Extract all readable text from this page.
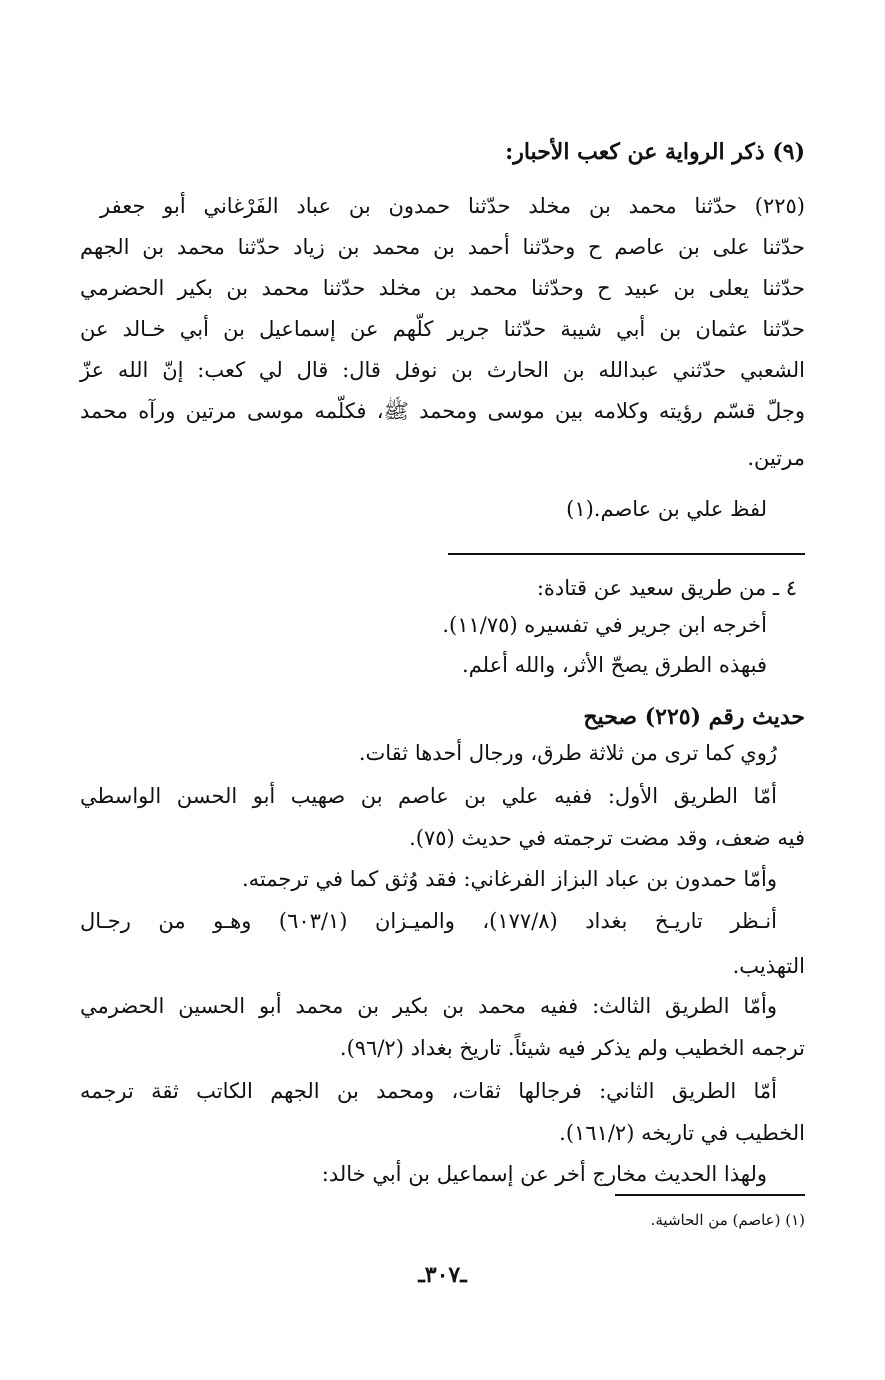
(٩) ذكر الرواية عن كعب الأحبار:
(٢٢٥) حدّثنا محمد بن مخلد حدّثنا حمدون بن عباد الفَرْغاني أبو جعفر
حدّثنا على بن عاصم ح وحدّثنا أحمد بن محمد بن زياد حدّثنا محمد بن الجهم
حدّثنا يعلى بن عبيد ح وحدّثنا محمد بن مخلد حدّثنا محمد بن بكير الحضرمي
حدّثنا عثمان بن أبي شيبة حدّثنا جرير كلّهم عن إسماعيل بن أبي خـالد عن
الشعبي حدّثني عبدالله بن الحارث بن نوفل قال: قال لي كعب: إنّ الله عزّ
وجلّ قسّم رؤيته وكلامه بين موسى ومحمد ﷺ، فكلّمه موسى مرتين ورآه محمد
مرتين.
لفظ علي بن عاصم.(١)
٤ ـ من طريق سعيد عن قتادة:
أخرجه ابن جرير في تفسيره (١١/٧٥).
فبهذه الطرق يصحّ الأثر، والله أعلم.
حديث رقم (٢٢٥) صحيح
رُوي كما ترى من ثلاثة طرق، ورجال أحدها ثقات.
أمّا الطريق الأول: ففيه علي بن عاصم بن صهيب أبو الحسن الواسطي
فيه ضعف، وقد مضت ترجمته في حديث (٧٥).
وأمّا حمدون بن عباد البزاز الفرغاني: فقد وُثق كما في ترجمته.
أنـظر تاريـخ بغداد (١٧٧/٨)، والميـزان (٦٠٣/١) وهـو من رجـال
التهذيب.
وأمّا الطريق الثالث: ففيه محمد بن بكير بن محمد أبو الحسين الحضرمي
ترجمه الخطيب ولم يذكر فيه شيئاً. تاريخ بغداد (٩٦/٢).
أمّا الطريق الثاني: فرجالها ثقات، ومحمد بن الجهم الكاتب ثقة ترجمه
الخطيب في تاريخه (١٦١/٢).
ولهذا الحديث مخارج أخر عن إسماعيل بن أبي خالد:
(١) (عاصم) من الحاشية.
ـ٣٠٧ـ
